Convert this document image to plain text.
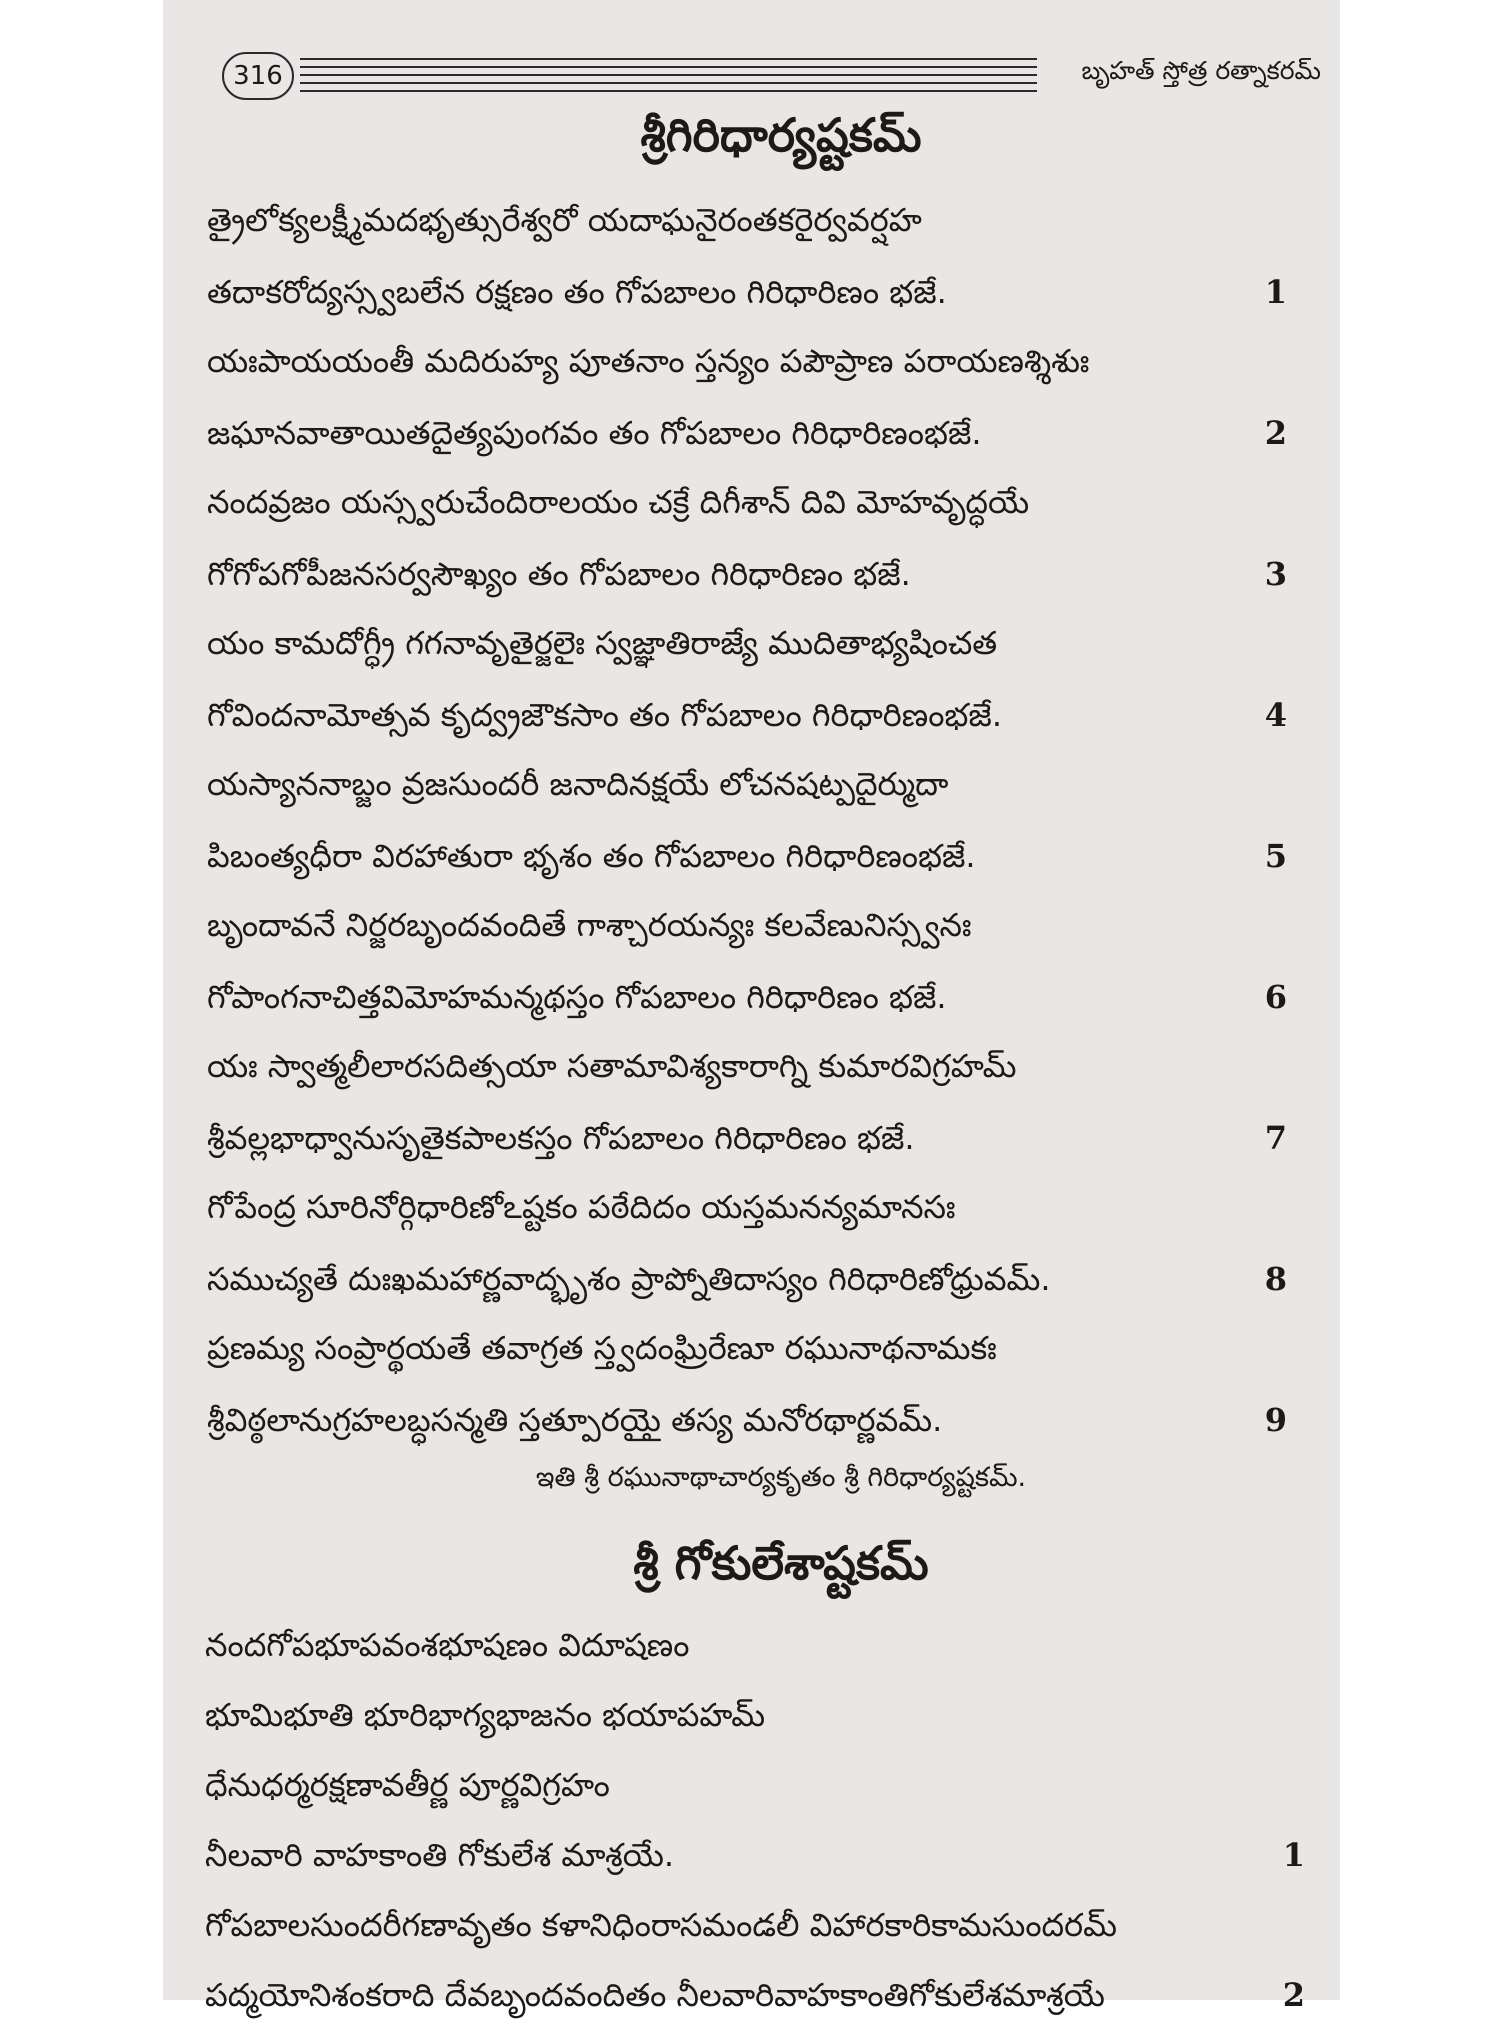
316	బృహత్ స్తోత్ర రత్నాకరమ్
శ్రీగిరిధార్యష్టకమ్
త్రైలోక్యలక్ష్మీమదభృత్సురేశ్వరో యదాఘనైరంతకరైర్వవర్షహ
తదాకరోద్యస్స్వబలేన రక్షణం తం గోపబాలం గిరిధారిణం భజే.	1
యఃపాయయంతీ మదిరుహ్య పూతనాం స్తన్యం పపౌప్రాణ పరాయణశ్శిశుః
జఘానవాతాయితదైత్యపుంగవం తం గోపబాలం గిరిధారిణంభజే.	2
నందవ్రజం యస్స్వరుచేందిరాలయం చక్రే దిగీశాన్ దివి మోహవృద్ధయే
గోగోపగోపీజనసర్వసౌఖ్యం తం గోపబాలం గిరిధారిణం భజే.	3
యం కామదోగ్ధ్రీ గగనావృతైర్జలైః స్వజ్ఞాతిరాజ్యే ముదితాభ్యషించత
గోవిందనామోత్సవ కృద్వ్రజౌకసాం తం గోపబాలం గిరిధారిణంభజే.	4
యస్యాననాబ్జం వ్రజసుందరీ జనాదినక్షయే లోచనషట్పదైర్ముదా
పిబంత్యధీరా విరహాతురా భృశం తం గోపబాలం గిరిధారిణంభజే.	5
బృందావనే నిర్జరబృందవందితే గాశ్చారయన్యః కలవేణునిస్స్వనః
గోపాంగనాచిత్తవిమోహమన్మథస్తం గోపబాలం గిరిధారిణం భజే.	6
యః స్వాత్మలీలారసదిత్సయా సతామావిశ్యకారాగ్ని కుమారవిగ్రహమ్
శ్రీవల్లభాధ్వానుసృతైకపాలకస్తం గోపబాలం గిరిధారిణం భజే.	7
గోపేంద్ర సూరినోర్గిధారిణోఽష్టకం పఠేదిదం యస్తమనన్యమానసః
సముచ్యతే దుఃఖమహార్ణవాద్భృశం ప్రాప్నోతిదాస్యం గిరిధారిణోధ్రువమ్.	8
ప్రణమ్య సంప్రార్థయతే తవాగ్రత స్త్వదంఘ్రిరేణూ రఘునాథనామకః
శ్రీవిఠ్ఠలానుగ్రహలబ్ధసన్మతి స్తత్పూరయైౖ తస్య మనోరథార్ణవమ్.	9
ఇతి శ్రీ రఘునాథాచార్యకృతం శ్రీ గిరిధార్యష్టకమ్.
శ్రీ గోకులేశాష్టకమ్
నందగోపభూపవంశభూషణం విదూషణం
భూమిభూతి భూరిభాగ్యభాజనం భయాపహమ్
ధేనుధర్మరక్షణావతీర్ణ పూర్ణవిగ్రహం
నీలవారి వాహకాంతి గోకులేశ మాశ్రయే.	1
గోపబాలసుందరీగణావృతం కళానిధింరాసమండలీ విహారకారికామసుందరమ్
పద్మయోనిశంకరాది దేవబృందవందితం నీలవారివాహకాంతిగోకులేశమాశ్రయే	2
